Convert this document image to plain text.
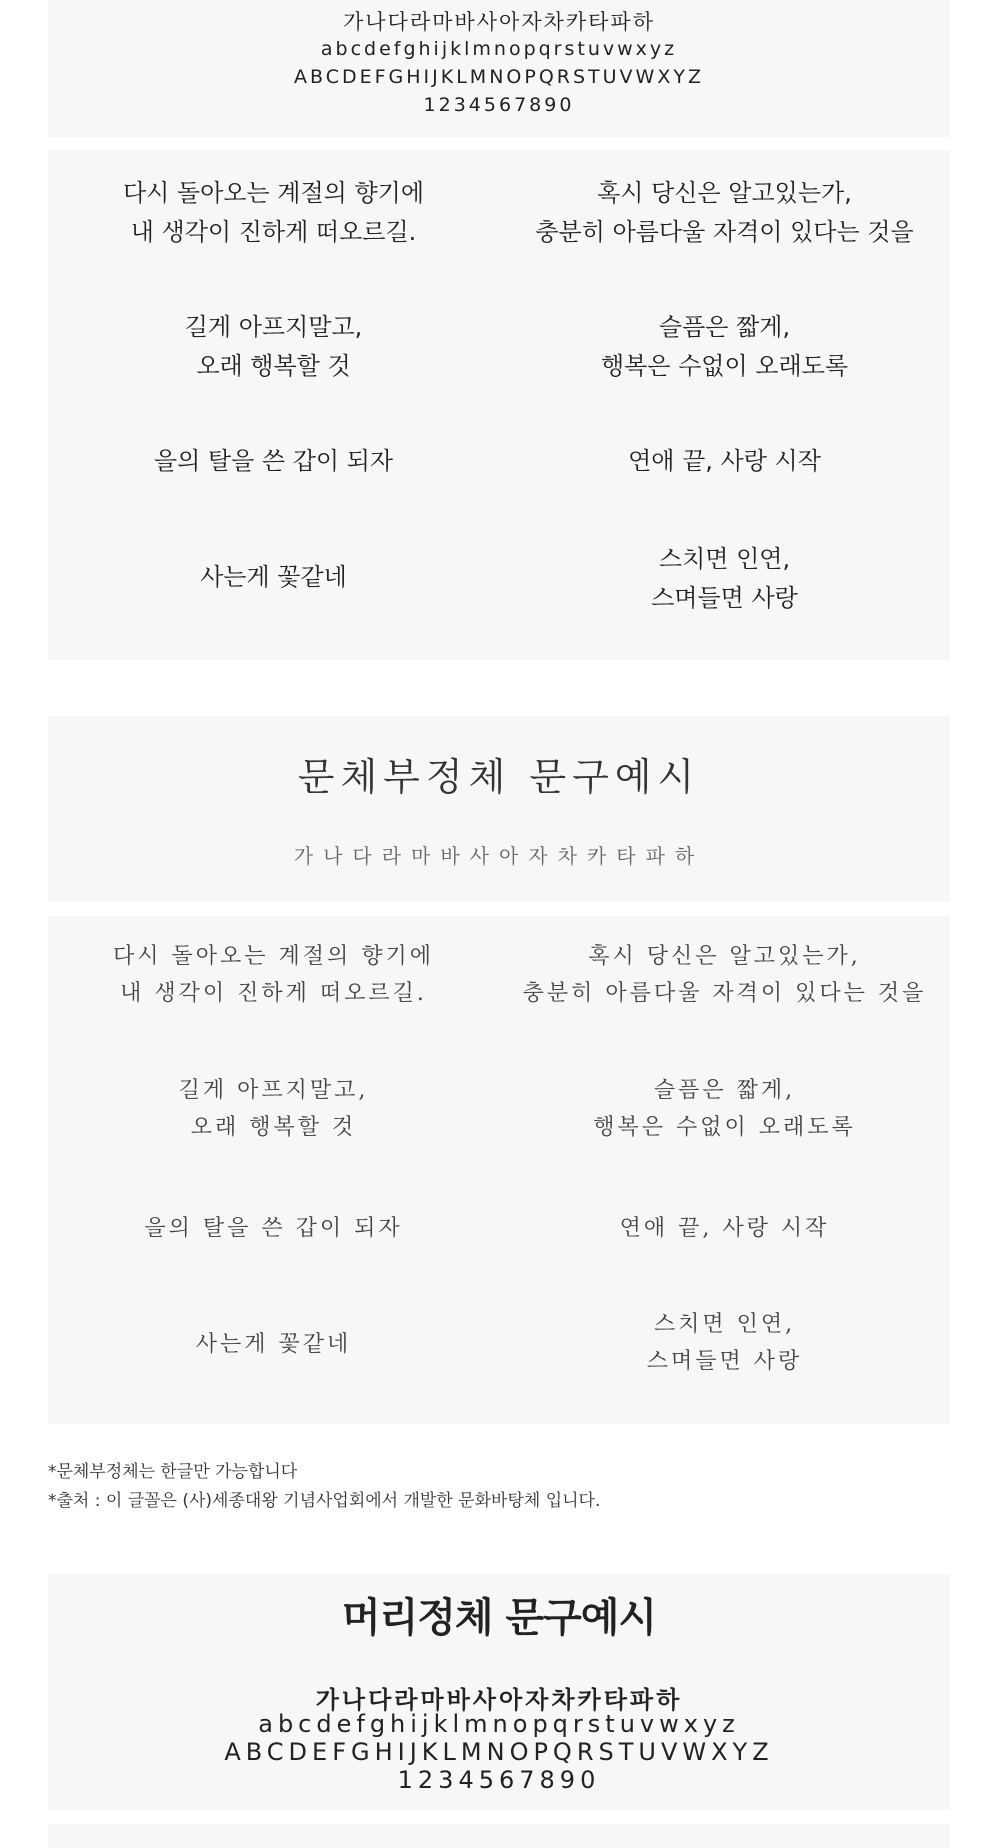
가나다라마바사아자차카타파하
abcdefghijklmnopqrstuvwxyz
ABCDEFGHIJKLMNOPQRSTUVWXYZ
1234567890
다시 돌아오는 계절의 향기에
내 생각이 진하게 떠오르길.
혹시 당신은 알고있는가,
충분히 아름다울 자격이 있다는 것을
길게 아프지말고,
오래 행복할 것
슬픔은 짧게,
행복은 수없이 오래도록
을의 탈을 쓴 갑이 되자	연애 끝, 사랑 시작
사는게 꽃같네
스치면 인연,
스며들면 사랑
문체부정체 문구예시
가나다라마바사아자차카타파하
다시 돌아오는 계절의 향기에
내 생각이 진하게 떠오르길.
혹시 당신은 알고있는가,
충분히 아름다울 자격이 있다는 것을
길게 아프지말고,
오래 행복할 것
슬픔은 짧게,
행복은 수없이 오래도록
을의 탈을 쓴 갑이 되자	연애 끝, 사랑 시작
사는게 꽃같네
스치면 인연,
스며들면 사랑
*문체부정체는 한글만 가능합니다
*출처 : 이 글꼴은 (사)세종대왕 기념사업회에서 개발한 문화바탕체 입니다.
머리정체 문구예시
가나다라마바사아자차카타파하
abcdefghijklmnopqrstuvwxyz
ABCDEFGHIJKLMNOPQRSTUVWXYZ
1234567890
